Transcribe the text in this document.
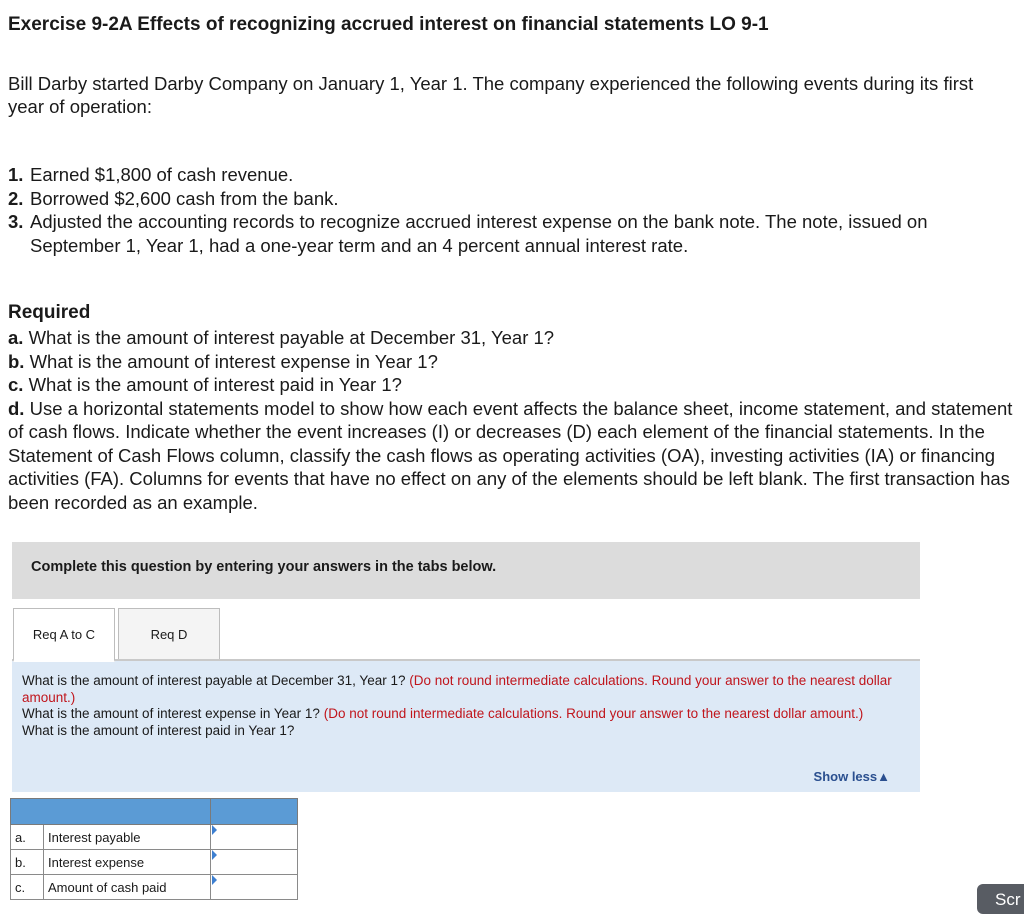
Exercise 9-2A Effects of recognizing accrued interest on financial statements LO 9-1
Bill Darby started Darby Company on January 1, Year 1. The company experienced the following events during its first year of operation:
1. Earned $1,800 of cash revenue.
2. Borrowed $2,600 cash from the bank.
3. Adjusted the accounting records to recognize accrued interest expense on the bank note. The note, issued on September 1, Year 1, had a one-year term and an 4 percent annual interest rate.
Required
a. What is the amount of interest payable at December 31, Year 1?
b. What is the amount of interest expense in Year 1?
c. What is the amount of interest paid in Year 1?
d. Use a horizontal statements model to show how each event affects the balance sheet, income statement, and statement of cash flows. Indicate whether the event increases (I) or decreases (D) each element of the financial statements. In the Statement of Cash Flows column, classify the cash flows as operating activities (OA), investing activities (IA) or financing activities (FA). Columns for events that have no effect on any of the elements should be left blank. The first transaction has been recorded as an example.
Complete this question by entering your answers in the tabs below.
Req A to C	Req D
What is the amount of interest payable at December 31, Year 1? (Do not round intermediate calculations. Round your answer to the nearest dollar amount.)
What is the amount of interest expense in Year 1? (Do not round intermediate calculations. Round your answer to the nearest dollar amount.)
What is the amount of interest paid in Year 1?
Show less▲

a.	Interest payable	
b.	Interest expense	
c.	Amount of cash paid	
Scr
